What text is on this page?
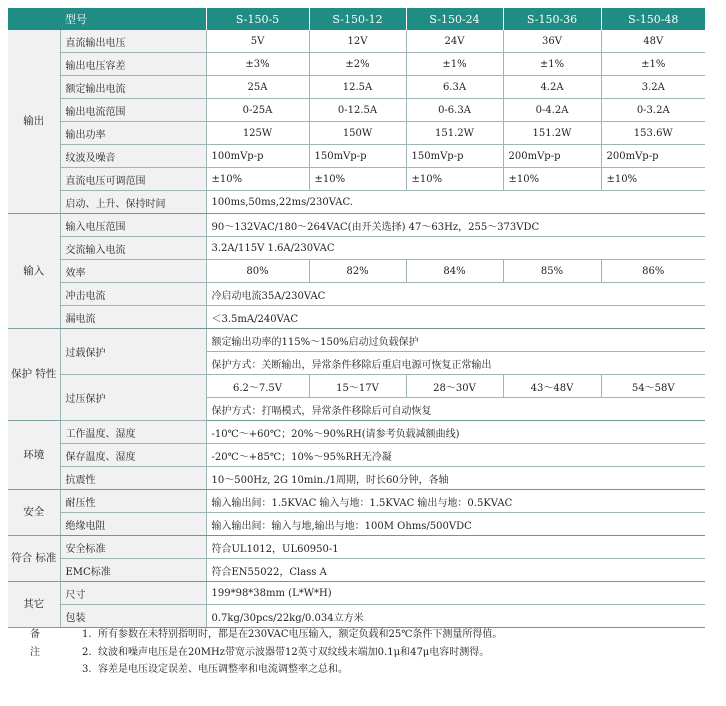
	型号	S-150-5	S-150-12	S-150-24	S-150-36	S-150-48
输出	直流输出电压	5V	12V	24V	36V	48V
	输出电压容差	±3%	±2%	±1%	±1%	±1%
	额定输出电流	25A	12.5A	6.3A	4.2A	3.2A
	输出电流范围	0-25A	0-12.5A	0-6.3A	0-4.2A	0-3.2A
	输出功率	125W	150W	151.2W	151.2W	153.6W
	纹波及噪音	100mVp-p	150mVp-p	150mVp-p	200mVp-p	200mVp-p
	直流电压可调范围	±10%	±10%	±10%	±10%	±10%
	启动、上升、保持时间	100ms,50ms,22ms/230VAC.				
输入	输入电压范围	90～132VAC/180～264VAC(由开关选择) 47～63Hz，255～373VDC				
	交流输入电流	3.2A/115V 1.6A/230VAC				
	效率	80%	82%	84%	85%	86%
	冲击电流	冷启动电流35A/230VAC				
	漏电流	＜3.5mA/240VAC				
保护 特性	过载保护	额定输出功率的115%～150%启动过负载保护				
		保护方式：关断输出，异常条件移除后重启电源可恢复正常输出				
	过压保护	6.2～7.5V	15～17V	28～30V	43～48V	54～58V
		保护方式：打嗝模式，异常条件移除后可自动恢复				
环境	工作温度、湿度	-10℃～+60℃；20%～90%RH(请参考负载减额曲线)				
	保存温度、湿度	-20℃～+85℃；10%～95%RH无冷凝				
	抗震性	10～500Hz, 2G 10min./1周期，时长60分钟，各轴				
安全	耐压性	输入输出间：1.5KVAC 输入与地：1.5KVAC 输出与地：0.5KVAC				
	绝缘电阻	输入输出间：输入与地,输出与地：100M Ohms/500VDC				
符合 标准	安全标准	符合UL1012，UL60950-1				
	EMC标准	符合EN55022，Class A				
其它	尺寸	199*98*38mm (L*W*H)				
	包装	0.7kg/30pcs/22kg/0.034立方米				
备注
1. 所有参数在未特别指明时，都是在230VAC电压输入，额定负载和25℃条件下测量所得值。
2. 纹波和噪声电压是在20MHz带宽示波器带12英寸双纹线末端加0.1μ和47μ电容时测得。
3. 容差是电压设定误差、电压调整率和电流调整率之总和。
